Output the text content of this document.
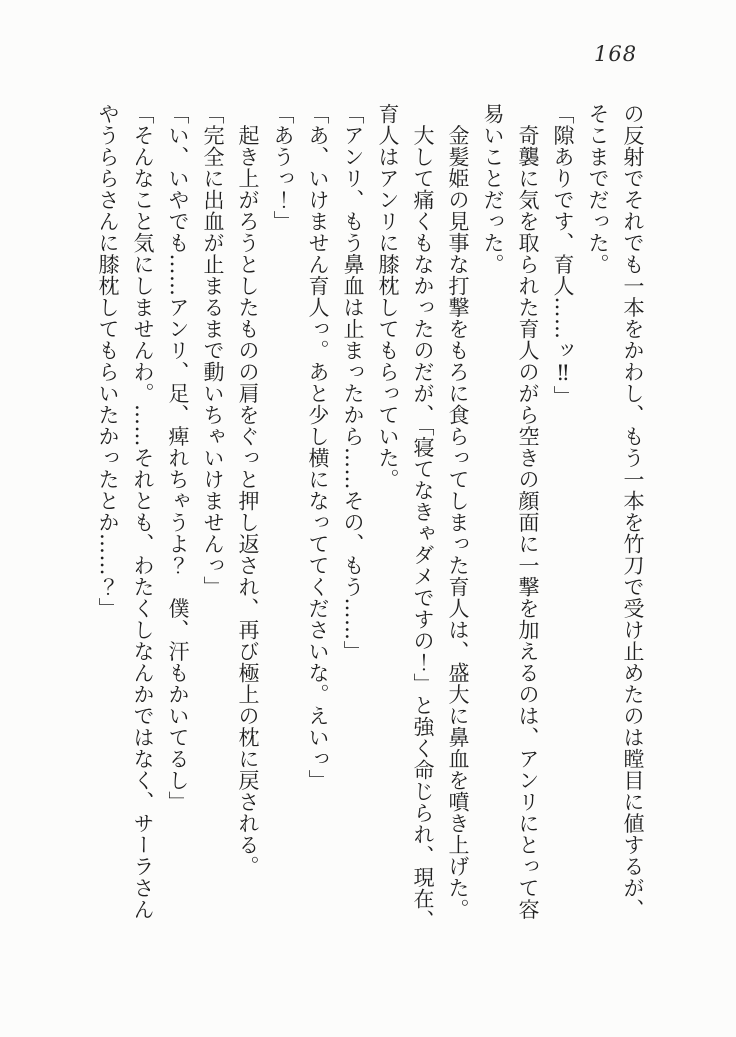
168
の反射でそれでも一本をかわし、もう一本を竹刀で受け止めたのは瞠目に値するが、
そこまでだった。
「隙ありです、育人……ッ‼」
　奇襲に気を取られた育人のがら空きの顔面に一撃を加えるのは、アンリにとって容
易いことだった。
　金髪姫の見事な打撃をもろに食らってしまった育人は、盛大に鼻血を噴き上げた。
　大して痛くもなかったのだが、「寝てなきゃダメですの！」と強く命じられ、現在、
育人はアンリに膝枕してもらっていた。
「アンリ、もう鼻血は止まったから……その、もう……」
「あ、いけません育人っ。あと少し横になっててくださいな。えいっ」
「あうっ！」
　起き上がろうとしたものの肩をぐっと押し返され、再び極上の枕に戻される。
「完全に出血が止まるまで動いちゃいけませんっ」
「い、いやでも……アンリ、足、痺れちゃうよ？　僕、汗もかいてるし」
「そんなこと気にしませんわ。……それとも、わたくしなんかではなく、サーラさん
やうららさんに膝枕してもらいたかったとか……？」
